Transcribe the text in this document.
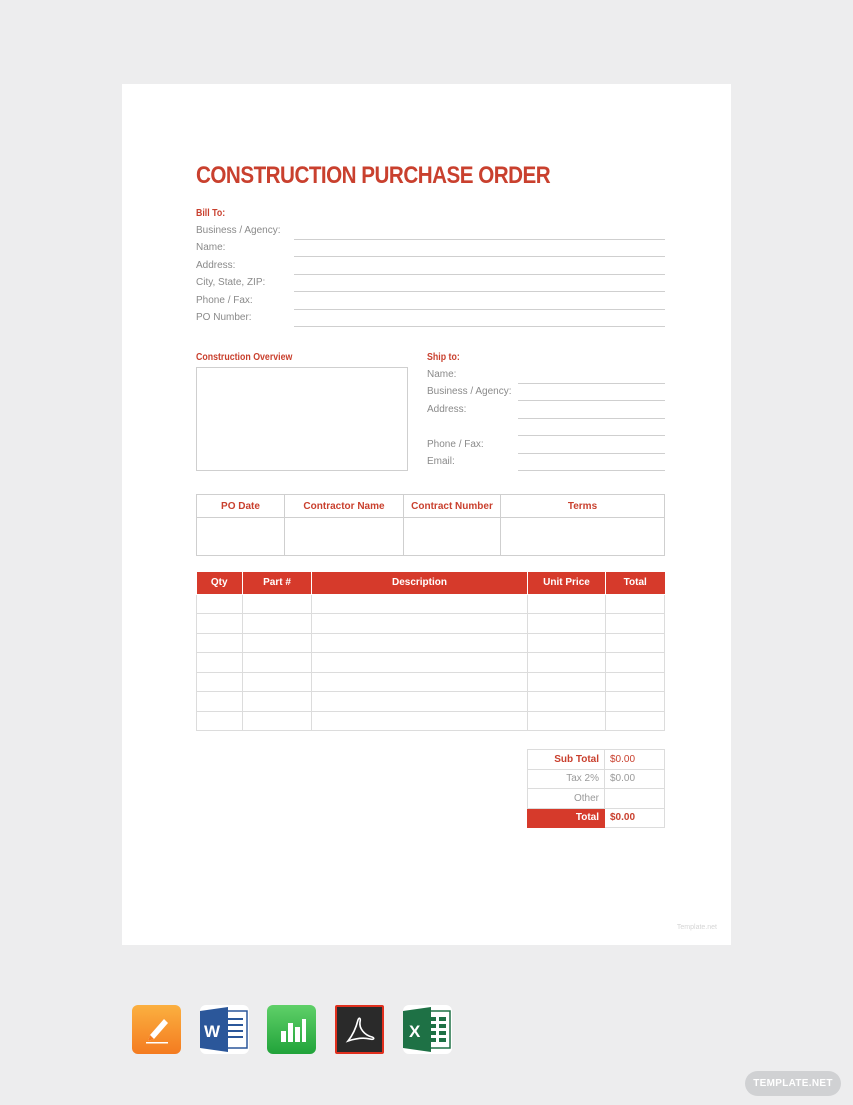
CONSTRUCTION PURCHASE ORDER
Bill To:
Business / Agency:
Name:
Address:
City, State, ZIP:
Phone / Fax:
PO Number:
Construction Overview	Ship to:
Name:
Business / Agency:
Address:
Phone / Fax:
Email:
PO Date	Contractor Name	Contract Number	Terms

Qty	Part #	Description	Unit Price	Total

Sub Total	$0.00
Tax 2%	$0.00
Other	
Total	$0.00
Template.net
W	X
TEMPLATE.NET
